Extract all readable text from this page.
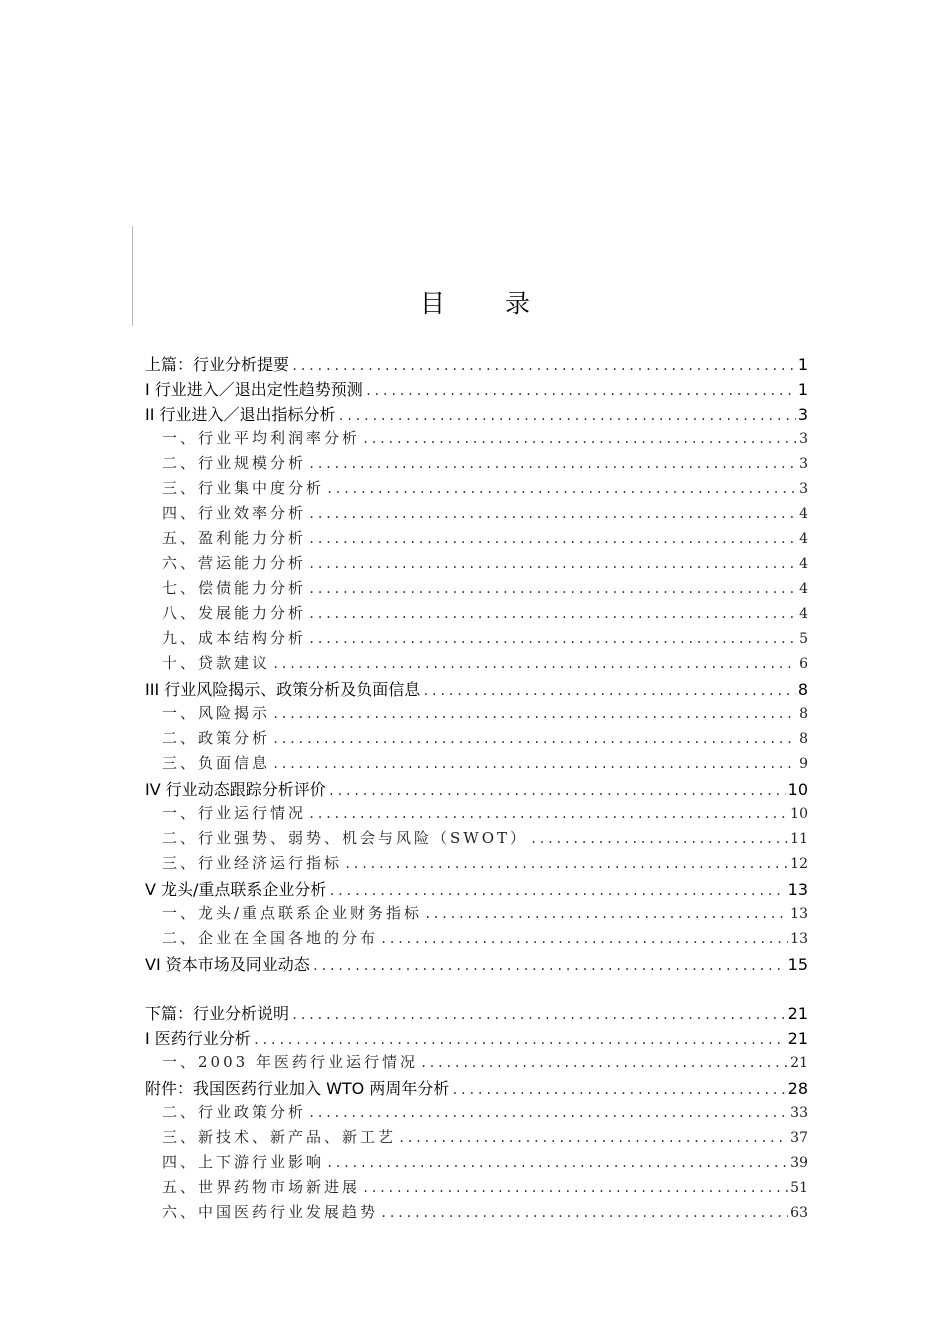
目 录
上篇：行业分析提要 .....	1
I 行业进入／退出定性趋势预测 .....	1
II 行业进入／退出指标分析 .....	3
一、行业平均利润率分析 .....	3
二、行业规模分析 .....	3
三、行业集中度分析 .....	3
四、行业效率分析 .....	4
五、盈利能力分析 .....	4
六、营运能力分析 .....	4
七、偿债能力分析 .....	4
八、发展能力分析 .....	4
九、成本结构分析 .....	5
十、贷款建议 .....	6
III 行业风险揭示、政策分析及负面信息 .....	8
一、风险揭示 .....	8
二、政策分析 .....	8
三、负面信息 .....	9
IV 行业动态跟踪分析评价 .....	10
一、行业运行情况 .....	10
二、行业强势、弱势、机会与风险（SWOT） .....	11
三、行业经济运行指标 .....	12
V 龙头/重点联系企业分析 .....	13
一、龙头/重点联系企业财务指标 .....	13
二、企业在全国各地的分布 .....	13
VI 资本市场及同业动态 .....	15
下篇：行业分析说明 .....	21
I 医药行业分析 .....	21
一、2003 年医药行业运行情况 .....	21
附件：我国医药行业加入 WTO 两周年分析 .....	28
二、行业政策分析 .....	33
三、新技术、新产品、新工艺 .....	37
四、上下游行业影响 .....	39
五、世界药物市场新进展 .....	51
六、中国医药行业发展趋势 .....	63
